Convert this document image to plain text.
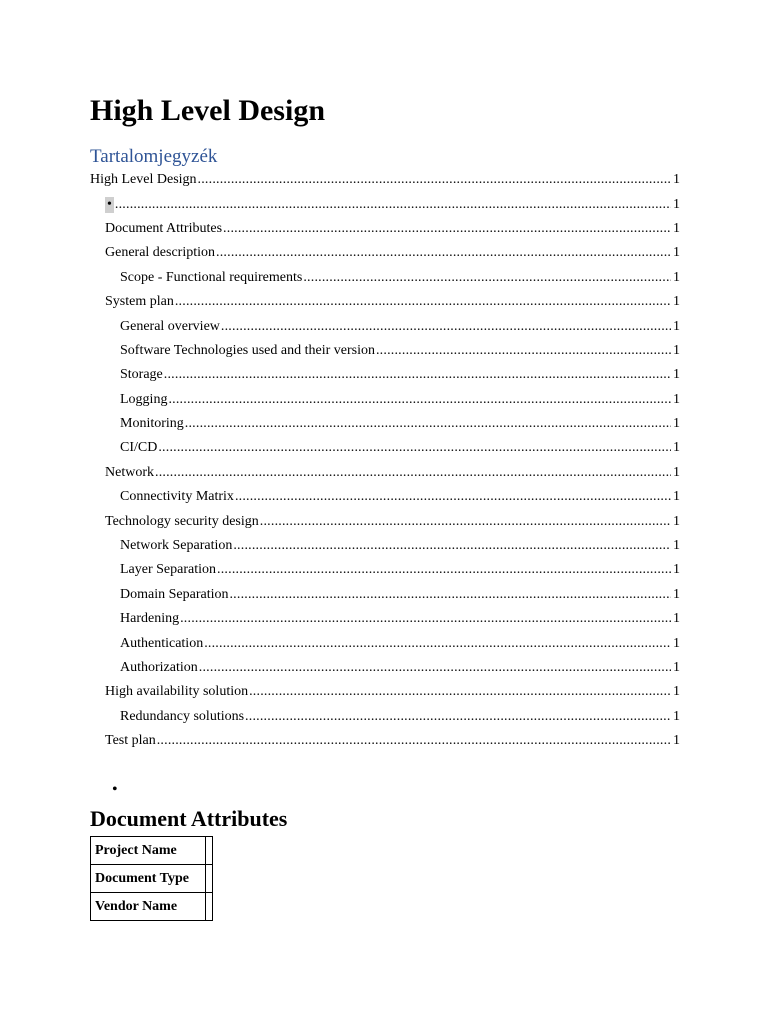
High Level Design
Tartalomjegyzék
High Level Design .....	1
• .....	1
Document Attributes .....	1
General description .....	1
Scope - Functional requirements .....	1
System plan .....	1
General overview .....	1
Software Technologies used and their version .....	1
Storage .....	1
Logging .....	1
Monitoring .....	1
CI/CD .....	1
Network .....	1
Connectivity Matrix .....	1
Technology security design .....	1
Network Separation .....	1
Layer Separation .....	1
Domain Separation .....	1
Hardening .....	1
Authentication .....	1
Authorization .....	1
High availability solution .....	1
Redundancy solutions .....	1
Test plan .....	1
•
Document Attributes
Project Name	
Document Type	
Vendor Name	
